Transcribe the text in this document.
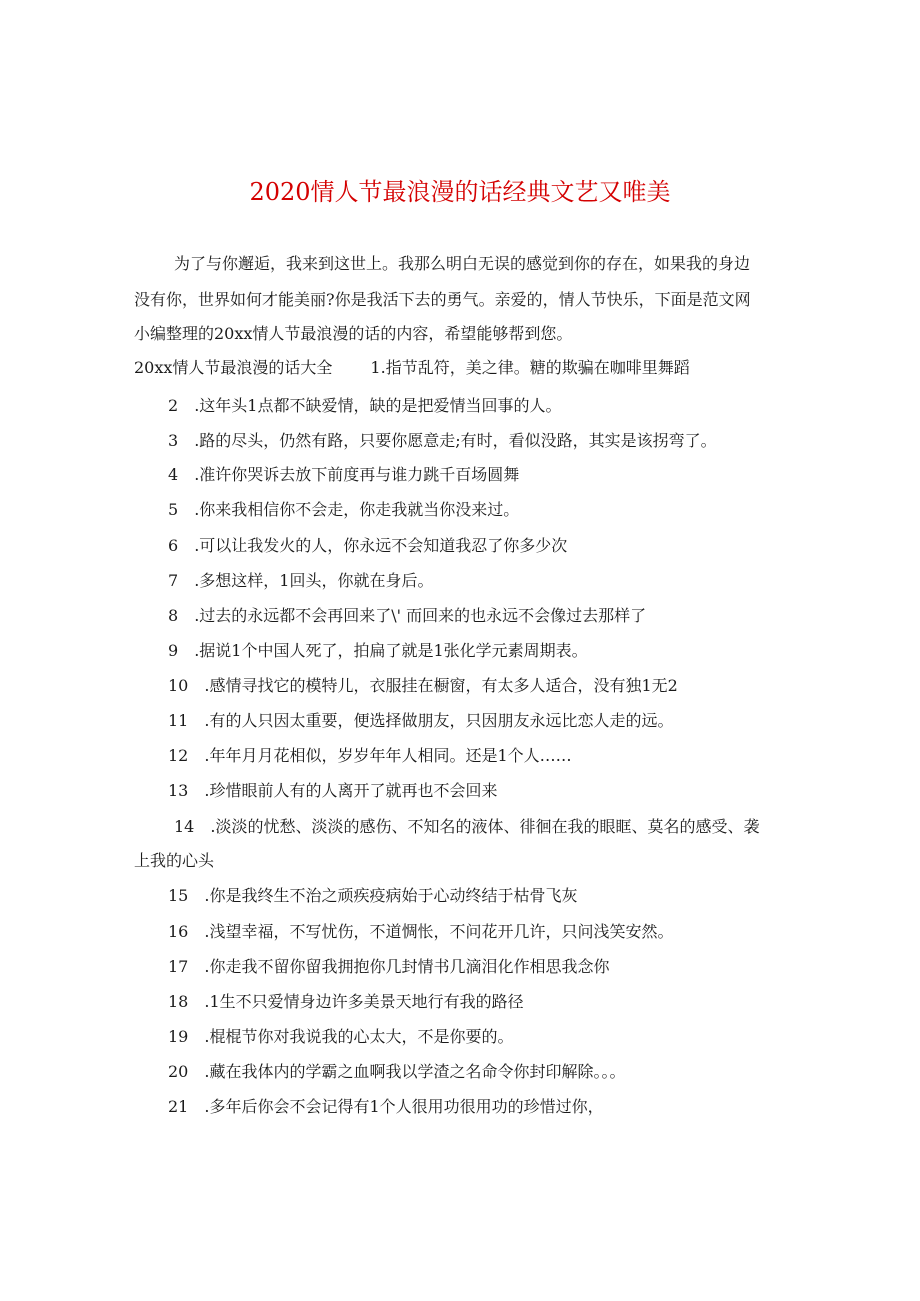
2020情人节最浪漫的话经典文艺又唯美
为了与你邂逅，我来到这世上。我那么明白无误的感觉到你的存在，如果我的身边
没有你，世界如何才能美丽?你是我活下去的勇气。亲爱的，情人节快乐，下面是范文网
小编整理的20xx情人节最浪漫的话的内容，希望能够帮到您。
20xx情人节最浪漫的话大全 1.指节乱符，美之律。糖的欺骗在咖啡里舞蹈
2 .这年头1点都不缺爱情，缺的是把爱情当回事的人。
3 .路的尽头，仍然有路，只要你愿意走;有时，看似没路，其实是该拐弯了。
4 .准许你哭诉去放下前度再与谁力跳千百场圆舞
5 .你来我相信你不会走，你走我就当你没来过。
6 .可以让我发火的人，你永远不会知道我忍了你多少次
7 .多想这样，1回头，你就在身后。
8 .过去的永远都不会再回来了\' 而回来的也永远不会像过去那样了
9 .据说1个中国人死了，拍扁了就是1张化学元素周期表。
10 .感情寻找它的模特儿，衣服挂在橱窗，有太多人适合，没有独1无2
11 .有的人只因太重要，便选择做朋友，只因朋友永远比恋人走的远。
12 .年年月月花相似，岁岁年年人相同。还是1个人……
13 .珍惜眼前人有的人离开了就再也不会回来
14 .淡淡的忧愁、淡淡的感伤、不知名的液体、徘徊在我的眼眶、莫名的感受、袭
上我的心头
15 .你是我终生不治之顽疾疫病始于心动终结于枯骨飞灰
16 .浅望幸福，不写忧伤，不道惆怅，不问花开几许，只问浅笑安然。
17 .你走我不留你留我拥抱你几封情书几滴泪化作相思我念你
18 .1生不只爱情身边许多美景天地行有我的路径
19 .棍棍节你对我说我的心太大，不是你要的。
20 .藏在我体内的学霸之血啊我以学渣之名命令你封印解除。。。
21 .多年后你会不会记得有1个人很用功很用功的珍惜过你，
